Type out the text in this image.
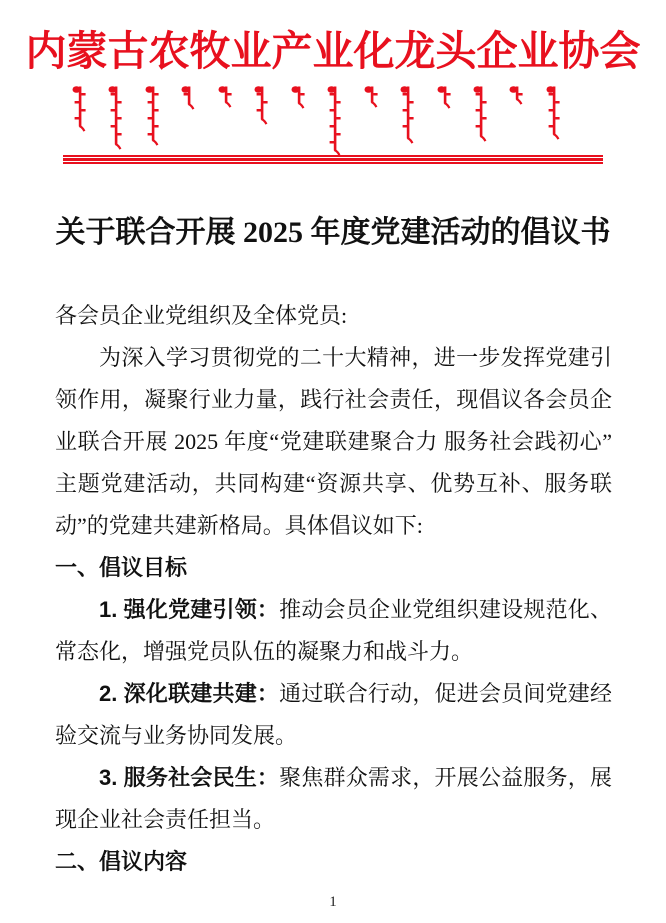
内蒙古农牧业产业化龙头企业协会
关于联合开展 2025 年度党建活动的倡议书

各会员企业党组织及全体党员:

为深入学习贯彻党的二十大精神，进一步发挥党建引领作用，凝聚行业力量，践行社会责任，现倡议各会员企业联合开展 2025 年度“党建联建聚合力 服务社会践初心”主题党建活动，共同构建“资源共享、优势互补、服务联动”的党建共建新格局。具体倡议如下:

一、倡议目标

1. 强化党建引领：推动会员企业党组织建设规范化、常态化，增强党员队伍的凝聚力和战斗力。

2. 深化联建共建：通过联合行动，促进会员间党建经验交流与业务协同发展。

3. 服务社会民生：聚焦群众需求，开展公益服务，展现企业社会责任担当。

二、倡议内容

1
